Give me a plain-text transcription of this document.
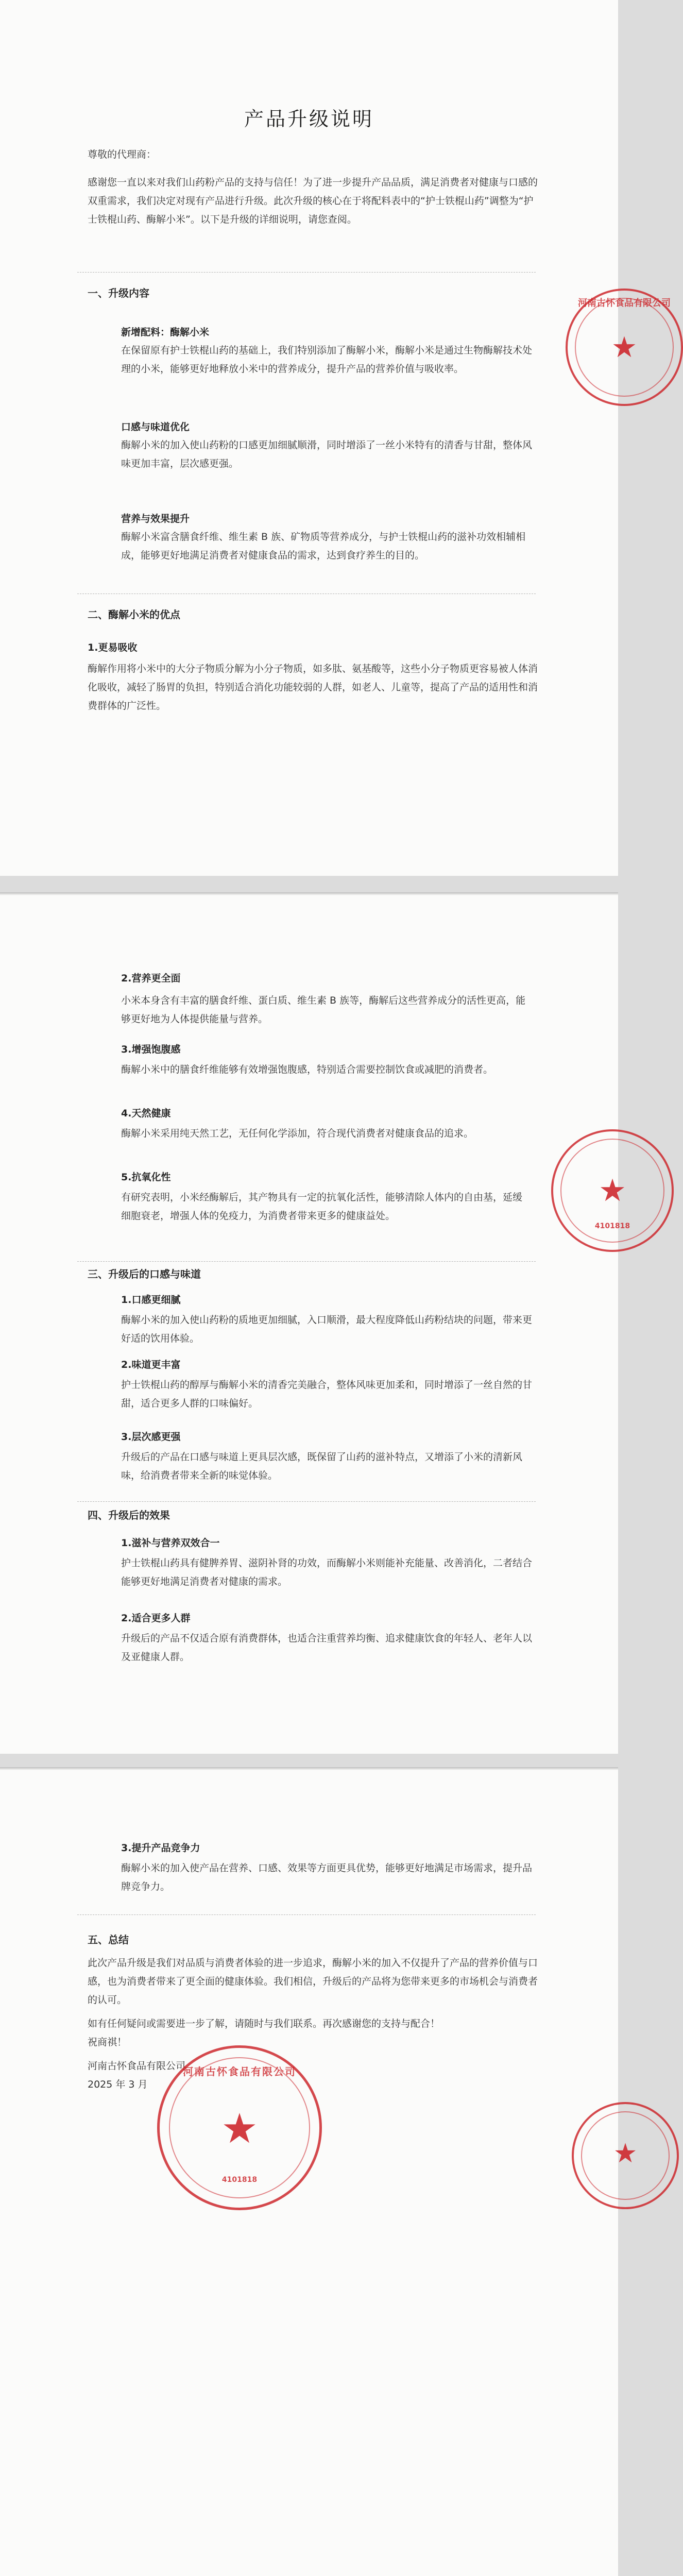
产品升级说明

尊敬的代理商：

感谢您一直以来对我们山药粉产品的支持与信任！为了进一步提升产品品质，满足消费者对健康与口感的双重需求，我们决定对现有产品进行升级。此次升级的核心在于将配料表中的“护士铁棍山药”调整为“护士铁棍山药、酶解小米”。以下是升级的详细说明，请您查阅。

一、升级内容
新增配料：酶解小米

在保留原有护士铁棍山药的基础上，我们特别添加了酶解小米，酶解小米是通过生物酶解技术处理的小米，能够更好地释放小米中的营养成分，提升产品的营养价值与吸收率。

口感与味道优化

酶解小米的加入使山药粉的口感更加细腻顺滑，同时增添了一丝小米特有的清香与甘甜，整体风味更加丰富，层次感更强。

营养与效果提升

酶解小米富含膳食纤维、维生素 B 族、矿物质等营养成分，与护士铁棍山药的滋补功效相辅相成，能够更好地满足消费者对健康食品的需求，达到食疗养生的目的。

二、酶解小米的优点
1.更易吸收

酶解作用将小米中的大分子物质分解为小分子物质，如多肽、氨基酸等，这些小分子物质更容易被人体消化吸收，减轻了肠胃的负担，特别适合消化功能较弱的人群，如老人、儿童等，提高了产品的适用性和消费群体的广泛性。

★
河南古怀食品有限公司
2.营养更全面

小米本身含有丰富的膳食纤维、蛋白质、维生素 B 族等，酶解后这些营养成分的活性更高，能够更好地为人体提供能量与营养。

3.增强饱腹感

酶解小米中的膳食纤维能够有效增强饱腹感，特别适合需要控制饮食或减肥的消费者。

4.天然健康

酶解小米采用纯天然工艺，无任何化学添加，符合现代消费者对健康食品的追求。

5.抗氧化性

有研究表明，小米经酶解后，其产物具有一定的抗氧化活性，能够清除人体内的自由基，延缓细胞衰老，增强人体的免疫力，为消费者带来更多的健康益处。

三、升级后的口感与味道
1.口感更细腻

酶解小米的加入使山药粉的质地更加细腻，入口顺滑，最大程度降低山药粉结块的问题，带来更好适的饮用体验。

2.味道更丰富

护士铁棍山药的醇厚与酶解小米的清香完美融合，整体风味更加柔和，同时增添了一丝自然的甘甜，适合更多人群的口味偏好。

3.层次感更强

升级后的产品在口感与味道上更具层次感，既保留了山药的滋补特点，又增添了小米的清新风味，给消费者带来全新的味觉体验。

四、升级后的效果
1.滋补与营养双效合一

护士铁棍山药具有健脾养胃、滋阴补肾的功效，而酶解小米则能补充能量、改善消化，二者结合能够更好地满足消费者对健康的需求。

2.适合更多人群

升级后的产品不仅适合原有消费群体，也适合注重营养均衡、追求健康饮食的年轻人、老年人以及亚健康人群。

★
4101818
3.提升产品竞争力

酶解小米的加入使产品在营养、口感、效果等方面更具优势，能够更好地满足市场需求，提升品牌竞争力。

五、总结

此次产品升级是我们对品质与消费者体验的进一步追求，酶解小米的加入不仅提升了产品的营养价值与口感，也为消费者带来了更全面的健康体验。我们相信，升级后的产品将为您带来更多的市场机会与消费者的认可。

如有任何疑问或需要进一步了解，请随时与我们联系。再次感谢您的支持与配合！

祝商祺！

河南古怀食品有限公司

2025 年 3 月

★
河南古怀食品有限公司
4101818
★
